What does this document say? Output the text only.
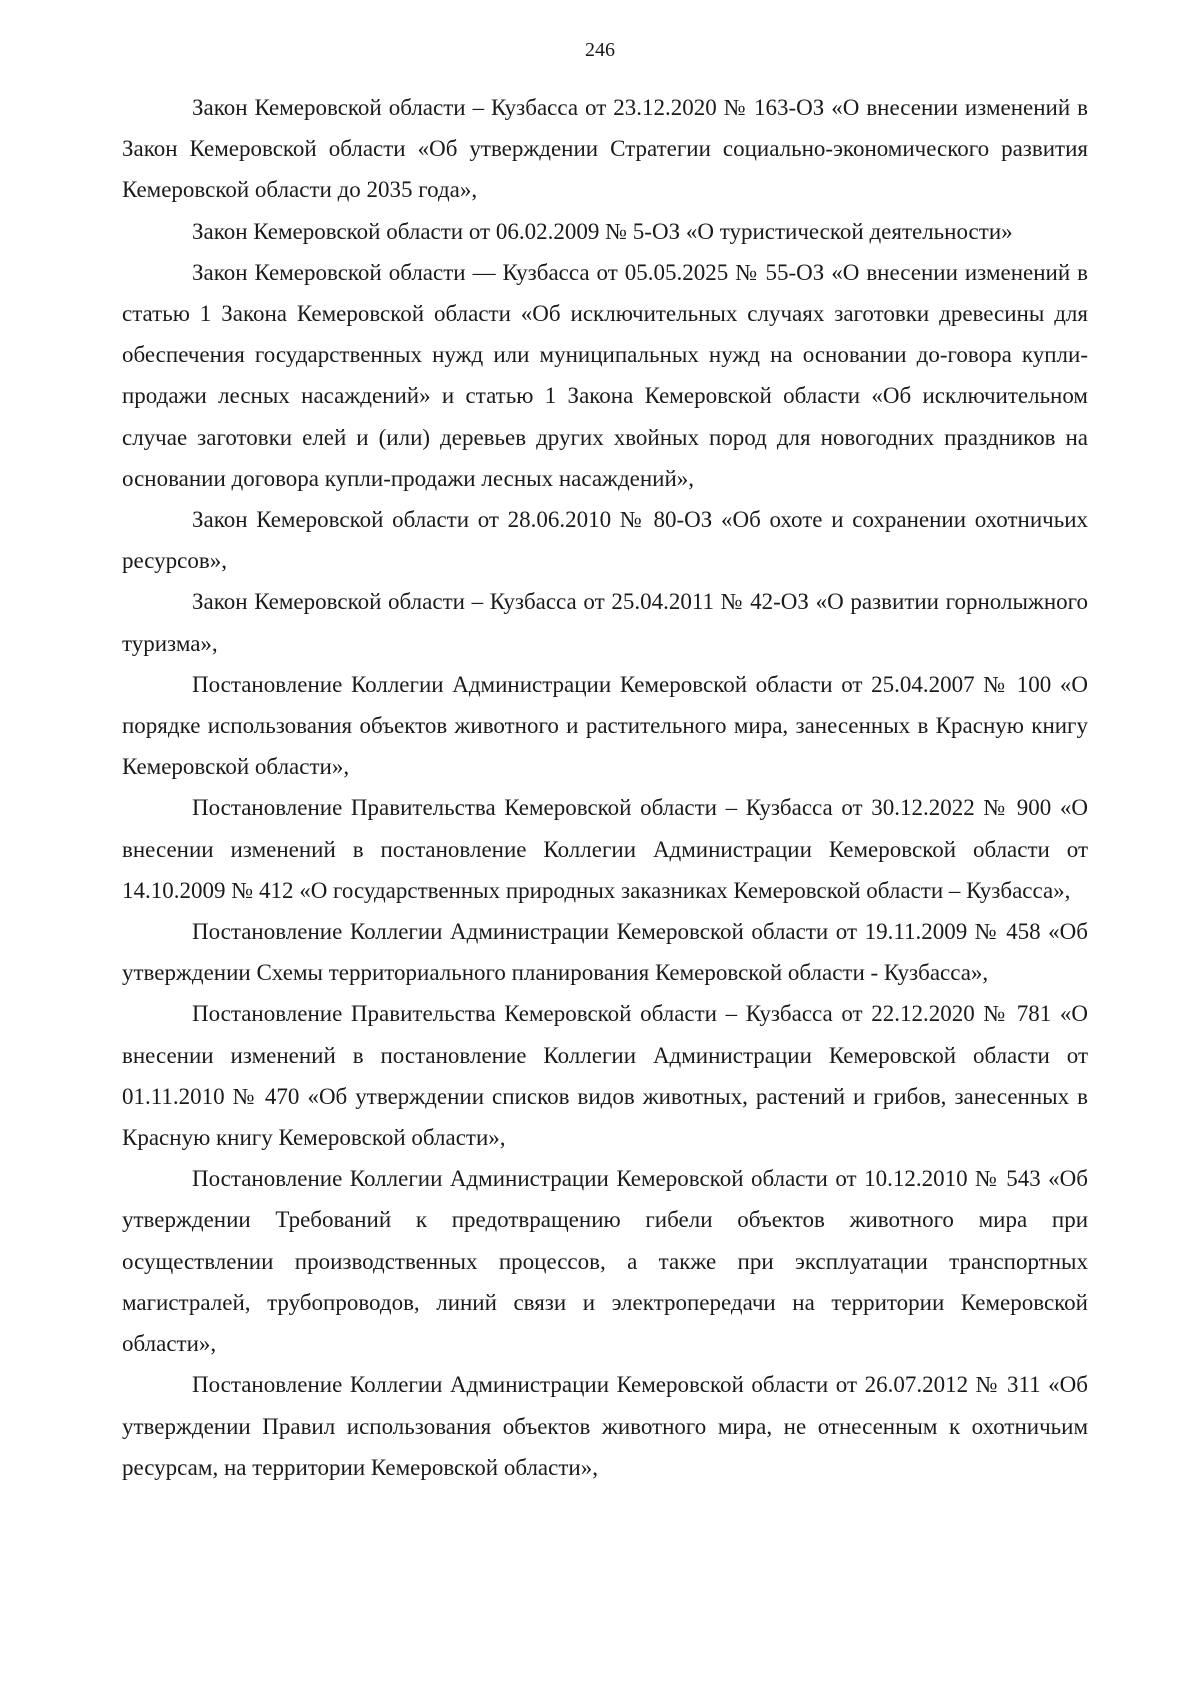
246

Закон Кемеровской области – Кузбасса от 23.12.2020 № 163-ОЗ «О внесении изменений в Закон Кемеровской области «Об утверждении Стратегии социально-экономического развития Кемеровской области до 2035 года»,

Закон Кемеровской области от 06.02.2009 № 5-ОЗ «О туристической деятельности»

Закон Кемеровской области — Кузбасса от 05.05.2025 № 55-ОЗ «О внесении изменений в статью 1 Закона Кемеровской области «Об исключительных случаях заготовки древесины для обеспечения государственных нужд или муниципальных нужд на основании до-говора купли-продажи лесных насаждений» и статью 1 Закона Кемеровской области «Об исключительном случае заготовки елей и (или) деревьев других хвойных пород для новогодних праздников на основании договора купли-продажи лесных насаждений»,

Закон Кемеровской области от 28.06.2010 № 80-ОЗ «Об охоте и сохранении охотничьих ресурсов»,

Закон Кемеровской области – Кузбасса от 25.04.2011 № 42-ОЗ «О развитии горнолыжного туризма»,

Постановление Коллегии Администрации Кемеровской области от 25.04.2007 № 100 «О порядке использования объектов животного и растительного мира, занесенных в Красную книгу Кемеровской области»,

Постановление Правительства Кемеровской области – Кузбасса от 30.12.2022 № 900 «О внесении изменений в постановление Коллегии Администрации Кемеровской области от 14.10.2009 № 412 «О государственных природных заказниках Кемеровской области – Кузбасса»,

Постановление Коллегии Администрации Кемеровской области от 19.11.2009 № 458 «Об утверждении Схемы территориального планирования Кемеровской области - Кузбасса»,

Постановление Правительства Кемеровской области – Кузбасса от 22.12.2020 № 781 «О внесении изменений в постановление Коллегии Администрации Кемеровской области от 01.11.2010 № 470 «Об утверждении списков видов животных, растений и грибов, занесенных в Красную книгу Кемеровской области»,

Постановление Коллегии Администрации Кемеровской области от 10.12.2010 № 543 «Об утверждении Требований к предотвращению гибели объектов животного мира при осуществлении производственных процессов, а также при эксплуатации транспортных магистралей, трубопроводов, линий связи и электропередачи на территории Кемеровской области»,

Постановление Коллегии Администрации Кемеровской области от 26.07.2012 № 311 «Об утверждении Правил использования объектов животного мира, не отнесенным к охотничьим ресурсам, на территории Кемеровской области»,
